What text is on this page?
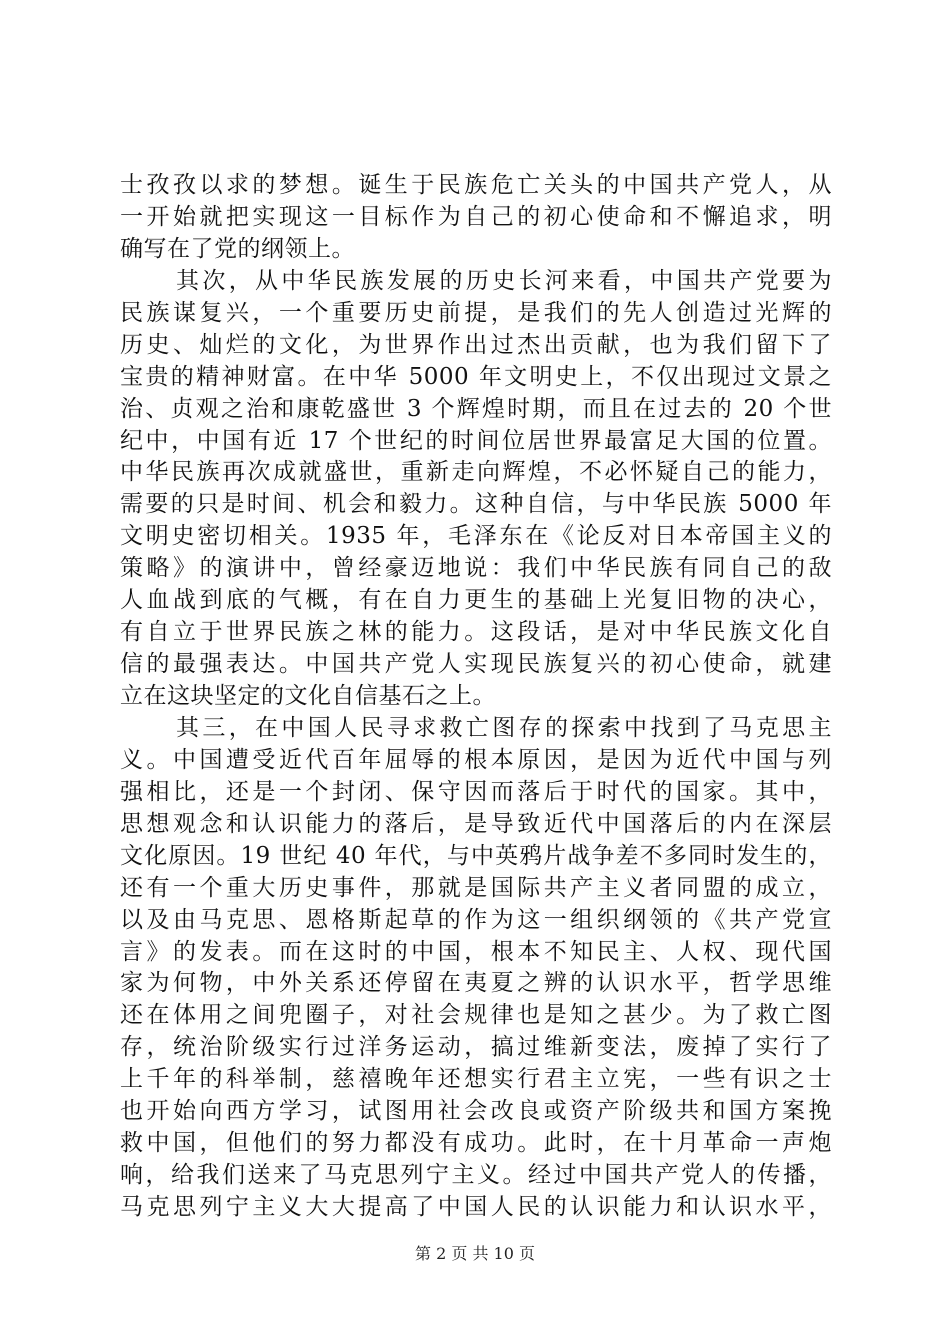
士孜孜以求的梦想。诞生于民族危亡关头的中国共产党人，从
一开始就把实现这一目标作为自己的初心使命和不懈追求，明
确写在了党的纲领上。
其次，从中华民族发展的历史长河来看，中国共产党要为
民族谋复兴，一个重要历史前提，是我们的先人创造过光辉的
历史、灿烂的文化，为世界作出过杰出贡献，也为我们留下了
宝贵的精神财富。在中华 5000 年文明史上，不仅出现过文景之
治、贞观之治和康乾盛世 3 个辉煌时期，而且在过去的 20 个世
纪中，中国有近 17 个世纪的时间位居世界最富足大国的位置。
中华民族再次成就盛世，重新走向辉煌，不必怀疑自己的能力，
需要的只是时间、机会和毅力。这种自信，与中华民族 5000 年
文明史密切相关。1935 年，毛泽东在《论反对日本帝国主义的
策略》的演讲中，曾经豪迈地说：我们中华民族有同自己的敌
人血战到底的气概，有在自力更生的基础上光复旧物的决心，
有自立于世界民族之林的能力。这段话，是对中华民族文化自
信的最强表达。中国共产党人实现民族复兴的初心使命，就建
立在这块坚定的文化自信基石之上。
其三，在中国人民寻求救亡图存的探索中找到了马克思主
义。中国遭受近代百年屈辱的根本原因，是因为近代中国与列
强相比，还是一个封闭、保守因而落后于时代的国家。其中，
思想观念和认识能力的落后，是导致近代中国落后的内在深层
文化原因。19 世纪 40 年代，与中英鸦片战争差不多同时发生的，
还有一个重大历史事件，那就是国际共产主义者同盟的成立，
以及由马克思、恩格斯起草的作为这一组织纲领的《共产党宣
言》的发表。而在这时的中国，根本不知民主、人权、现代国
家为何物，中外关系还停留在夷夏之辨的认识水平，哲学思维
还在体用之间兜圈子，对社会规律也是知之甚少。为了救亡图
存，统治阶级实行过洋务运动，搞过维新变法，废掉了实行了
上千年的科举制，慈禧晚年还想实行君主立宪，一些有识之士
也开始向西方学习，试图用社会改良或资产阶级共和国方案挽
救中国，但他们的努力都没有成功。此时，在十月革命一声炮
响，给我们送来了马克思列宁主义。经过中国共产党人的传播，
马克思列宁主义大大提高了中国人民的认识能力和认识水平，
第 2 页 共 10 页
